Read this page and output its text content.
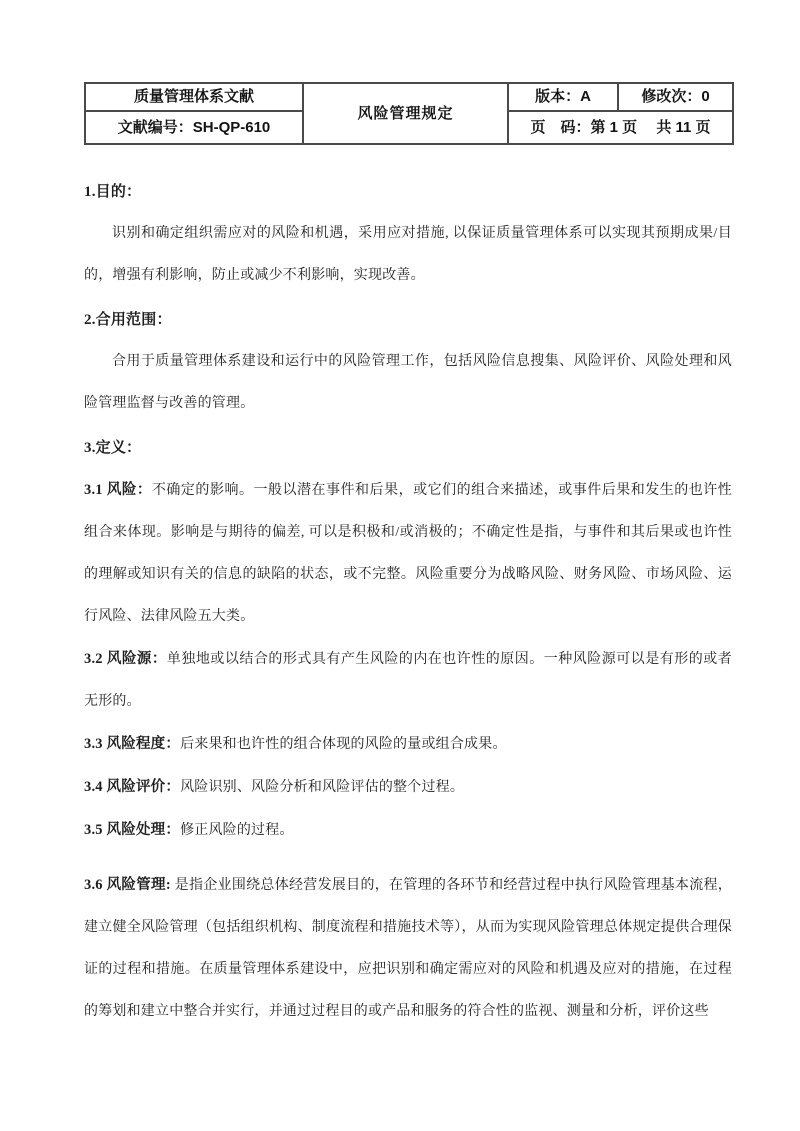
质量管理体系文献	风险管理规定	版本：A	修改次：0
文献编号：SH-QP-610		页　码：第 1 页　 共 11 页	

1.目的：

识别和确定组织需应对的风险和机遇，采用应对措施, 以保证质量管理体系可以实现其预期成果/目的，增强有利影响，防止或减少不利影响，实现改善。

2.合用范围：

合用于质量管理体系建设和运行中的风险管理工作，包括风险信息搜集、风险评价、风险处理和风险管理监督与改善的管理。

3.定义：

3.1 风险：不确定的影响。一般以潜在事件和后果，或它们的组合来描述，或事件后果和发生的也许性组合来体现。影响是与期待的偏差, 可以是积极和/或消极的；不确定性是指，与事件和其后果或也许性的理解或知识有关的信息的缺陷的状态，或不完整。风险重要分为战略风险、财务风险、市场风险、运行风险、法律风险五大类。

3.2 风险源：单独地或以结合的形式具有产生风险的内在也许性的原因。一种风险源可以是有形的或者无形的。

3.3 风险程度：后来果和也许性的组合体现的风险的量或组合成果。

3.4 风险评价：风险识别、风险分析和风险评估的整个过程。

3.5 风险处理：修正风险的过程。

3.6 风险管理: 是指企业围绕总体经营发展目的，在管理的各环节和经营过程中执行风险管理基本流程，建立健全风险管理（包括组织机构、制度流程和措施技术等），从而为实现风险管理总体规定提供合理保证的过程和措施。在质量管理体系建设中，应把识别和确定需应对的风险和机遇及应对的措施，在过程的筹划和建立中整合并实行，并通过过程目的或产品和服务的符合性的监视、测量和分析，评价这些
